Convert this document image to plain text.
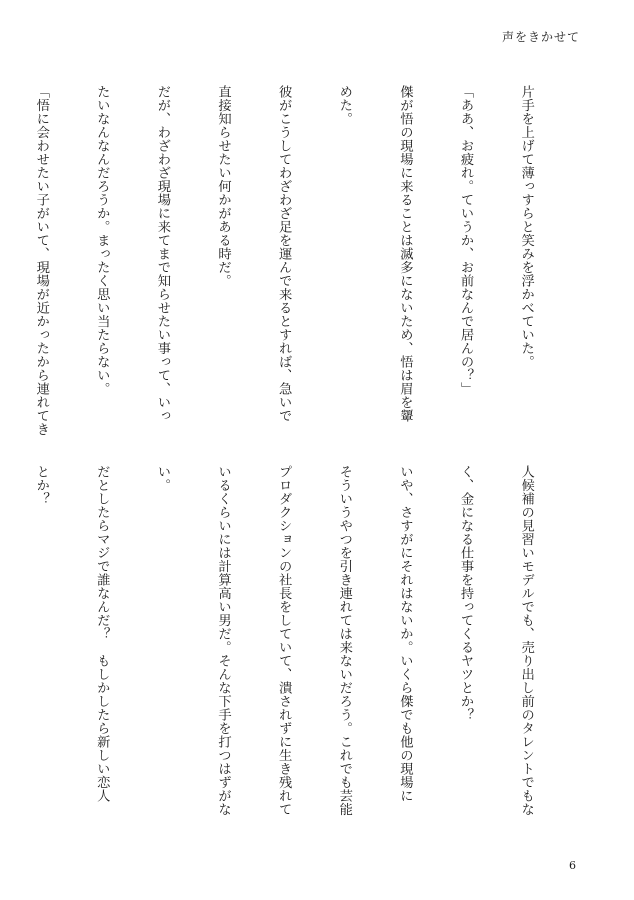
声をきかせて

片手を上げて薄っすらと笑みを浮かべていた。

「ああ、お疲れ。ていうか、お前なんで居んの？」

傑が悟の現場に来ることは滅多にないため、悟は眉を顰

めた。

彼がこうしてわざわざ足を運んで来るとすれば、急いで

直接知らせたい何かがある時だ。

だが、わざわざ現場に来てまで知らせたい事って、いっ

たいなんなんだろうか。まったく思い当たらない。

「悟に会わせたい子がいて、現場が近かったから連れてき

人候補の見習いモデルでも、売り出し前のタレントでもな

く、金になる仕事を持ってくるヤツとか？

いや、さすがにそれはないか。いくら傑でも他の現場に

そういうやつを引き連れては来ないだろう。これでも芸能

プロダクションの社長をしていて、潰されずに生き残れて

いるくらいには計算高い男だ。そんな下手を打つはずがな

い。

だとしたらマジで誰なんだ？　もしかしたら新しい恋人

とか？

6
